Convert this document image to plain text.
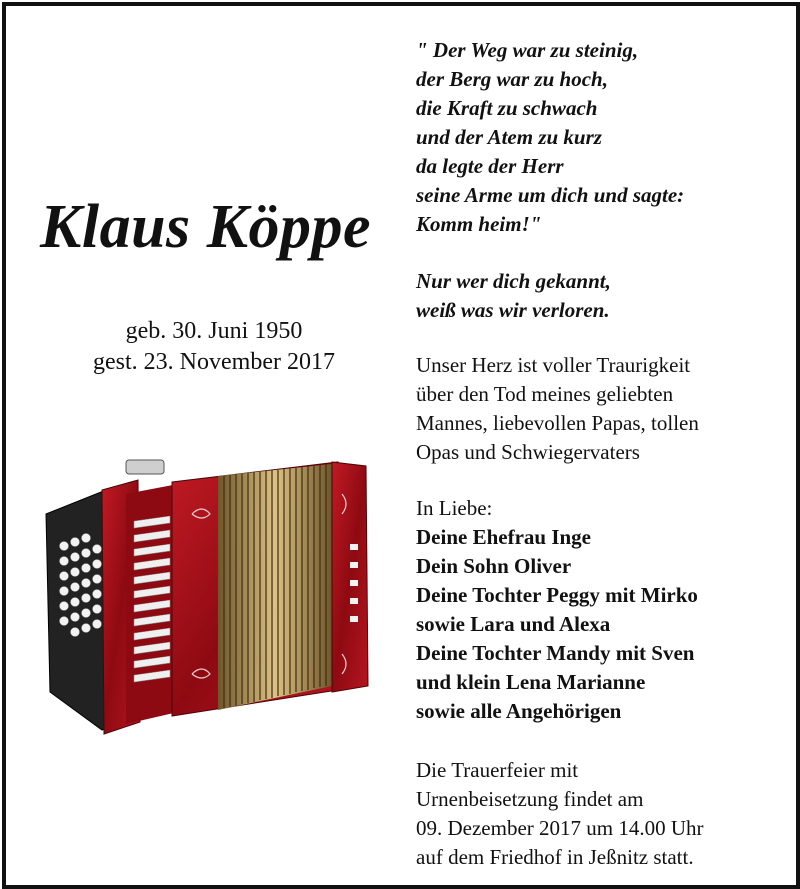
Klaus Köppe
geb. 30. Juni 1950
gest. 23. November 2017
" Der Weg war zu steinig,
der Berg war zu hoch,
die Kraft zu schwach
und der Atem zu kurz
da legte der Herr
seine Arme um dich und sagte:
Komm heim!"
Nur wer dich gekannt,
weiß was wir verloren.
Unser Herz ist voller Traurigkeit
über den Tod meines geliebten
Mannes, liebevollen Papas, tollen
Opas und Schwiegervaters
In Liebe:
Deine Ehefrau Inge
Dein Sohn Oliver
Deine Tochter Peggy mit Mirko
sowie Lara und Alexa
Deine Tochter Mandy mit Sven
und klein Lena Marianne
sowie alle Angehörigen
Die Trauerfeier mit
Urnenbeisetzung findet am
09. Dezember 2017 um 14.00 Uhr
auf dem Friedhof in Jeßnitz statt.
